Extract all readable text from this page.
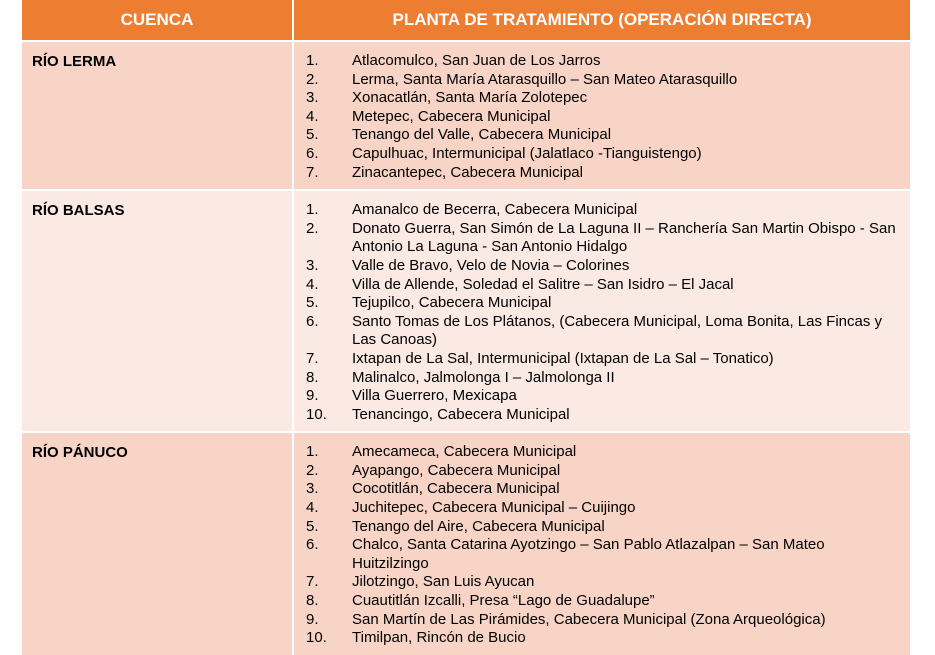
CUENCA	PLANTA DE TRATAMIENTO (OPERACIÓN DIRECTA)
RÍO LERMA	1.	Atlacomulco, San Juan de Los Jarros
2.	Lerma, Santa María Atarasquillo – San Mateo Atarasquillo
3.	Xonacatlán, Santa María Zolotepec
4.	Metepec, Cabecera Municipal
5.	Tenango del Valle, Cabecera Municipal
6.	Capulhuac, Intermunicipal (Jalatlaco -Tianguistengo)
7.	Zinacantepec, Cabecera Municipal
RÍO BALSAS	1.	Amanalco de Becerra, Cabecera Municipal
2.	Donato Guerra, San Simón de La Laguna II – Ranchería San Martin Obispo - San Antonio La Laguna - San Antonio Hidalgo
3.	Valle de Bravo, Velo de Novia – Colorines
4.	Villa de Allende, Soledad el Salitre – San Isidro – El Jacal
5.	Tejupilco, Cabecera Municipal
6.	Santo Tomas de Los Plátanos, (Cabecera Municipal, Loma Bonita, Las Fincas y Las Canoas)
7.	Ixtapan de La Sal, Intermunicipal (Ixtapan de La Sal – Tonatico)
8.	Malinalco, Jalmolonga I – Jalmolonga II
9.	Villa Guerrero, Mexicapa
10.	Tenancingo, Cabecera Municipal
RÍO PÁNUCO	1.	Amecameca, Cabecera Municipal
2.	Ayapango, Cabecera Municipal
3.	Cocotitlán, Cabecera Municipal
4.	Juchitepec, Cabecera Municipal – Cuijingo
5.	Tenango del Aire, Cabecera Municipal
6.	Chalco, Santa Catarina Ayotzingo – San Pablo Atlazalpan – San Mateo Huitzilzingo
7.	Jilotzingo, San Luis Ayucan
8.	Cuautitlán Izcalli, Presa “Lago de Guadalupe”
9.	San Martín de Las Pirámides, Cabecera Municipal (Zona Arqueológica)
10.	Timilpan, Rincón de Bucio
